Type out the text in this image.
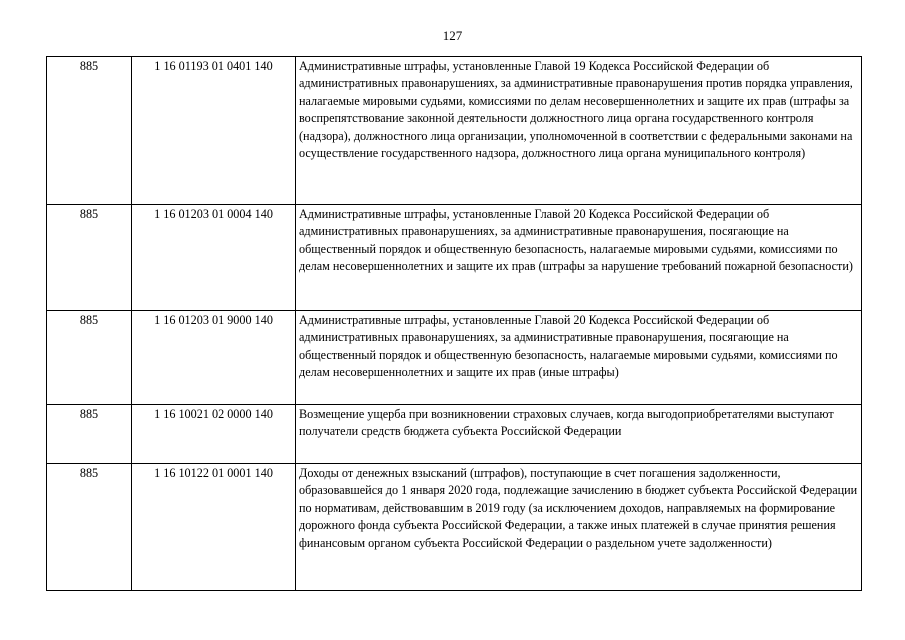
127
885	1 16 01193 01 0401 140	Административные штрафы, установленные Главой 19 Кодекса Российской Федерации об административных правонарушениях, за административные правонарушения против порядка управления, налагаемые мировыми судьями, комиссиями по делам несовершеннолетних и защите их прав (штрафы за воспрепятствование законной деятельности должностного лица органа государственного контроля (надзора), должностного лица организации, уполномоченной в соответствии с федеральными законами на осуществление государственного надзора, должностного лица органа муниципального контроля)
885	1 16 01203 01 0004 140	Административные штрафы, установленные Главой 20 Кодекса Российской Федерации об административных правонарушениях, за административные правонарушения, посягающие на общественный порядок и общественную безопасность, налагаемые мировыми судьями, комиссиями по делам несовершеннолетних и защите их прав (штрафы за нарушение требований пожарной безопасности)
885	1 16 01203 01 9000 140	Административные штрафы, установленные Главой 20 Кодекса Российской Федерации об административных правонарушениях, за административные правонарушения, посягающие на общественный порядок и общественную безопасность, налагаемые мировыми судьями, комиссиями по делам несовершеннолетних и защите их прав (иные штрафы)
885	1 16 10021 02 0000 140	Возмещение ущерба при возникновении страховых случаев, когда выгодоприобретателями выступают получатели средств бюджета субъекта Российской Федерации
885	1 16 10122 01 0001 140	Доходы от денежных взысканий (штрафов), поступающие в счет погашения задолженности, образовавшейся до 1 января 2020 года, подлежащие зачислению в бюджет субъекта Российской Федерации по нормативам, действовавшим в 2019 году (за исключением доходов, направляемых на формирование дорожного фонда субъекта Российской Федерации, а также иных платежей в случае принятия решения финансовым органом субъекта Российской Федерации о раздельном учете задолженности)
